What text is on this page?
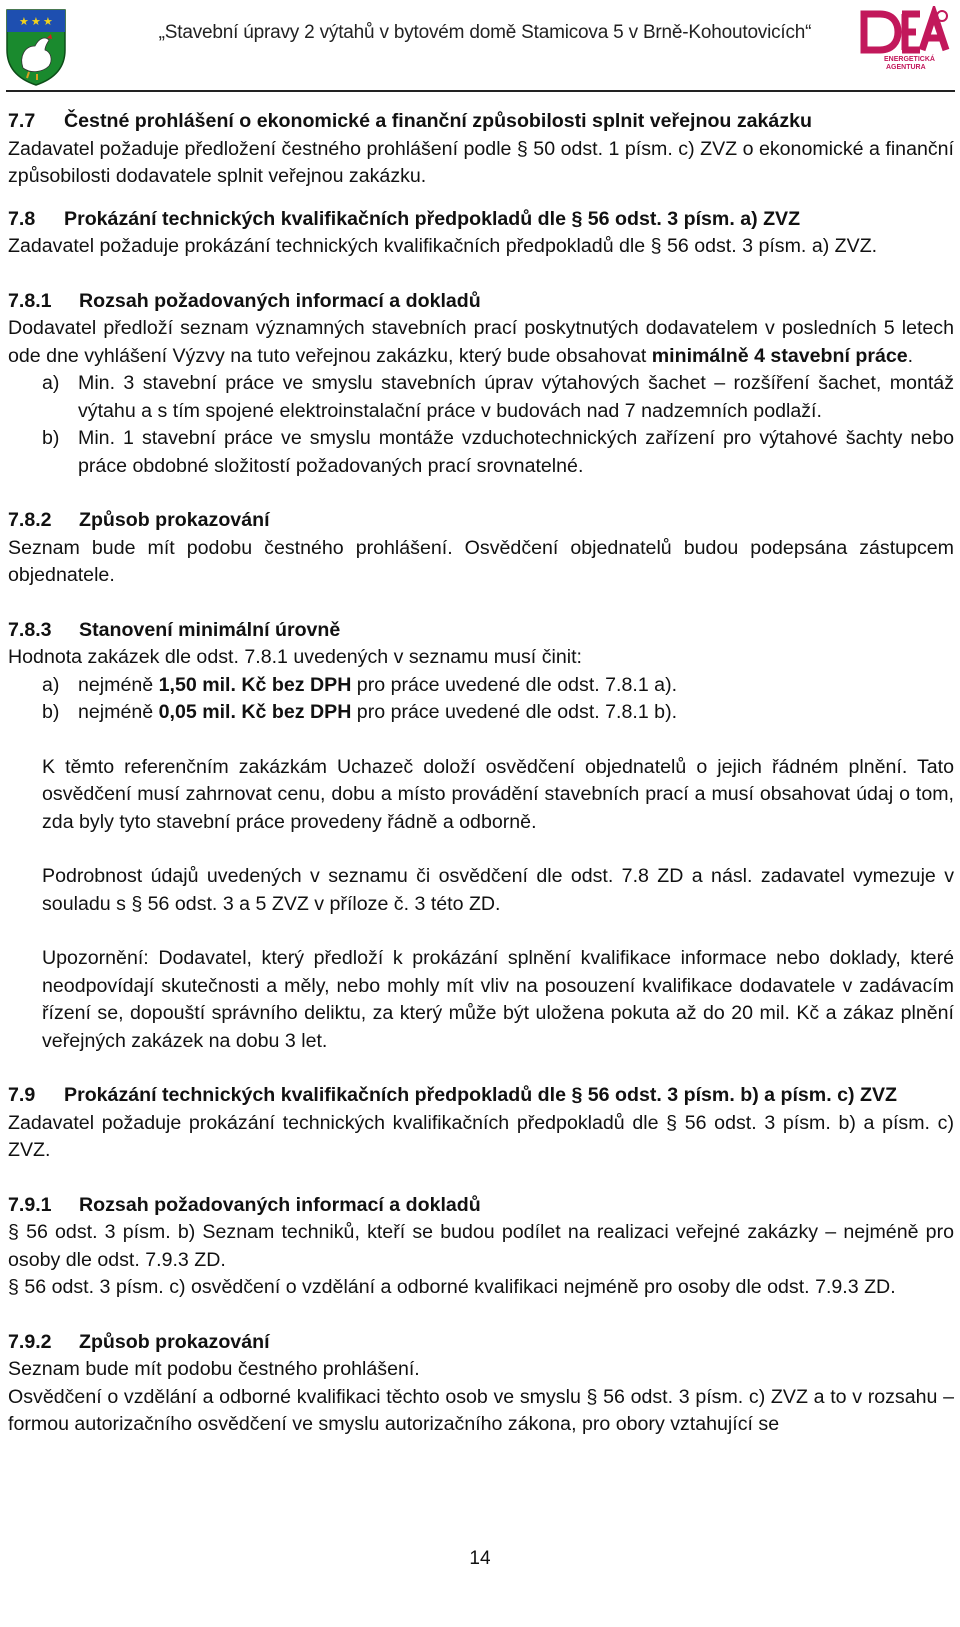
★ ★ ★
„Stavební úpravy 2 výtahů v bytovém domě Stamicova 5 v Brně-Kohoutovicích“
ENERGETICKÁ
AGENTURA

7.7 Čestné prohlášení o ekonomické a finanční způsobilosti splnit veřejnou zakázku

Zadavatel požaduje předložení čestného prohlášení podle § 50 odst. 1 písm. c) ZVZ o ekonomické a finanční způsobilosti dodavatele splnit veřejnou zakázku.

7.8 Prokázání technických kvalifikačních předpokladů dle § 56 odst. 3 písm. a) ZVZ

Zadavatel požaduje prokázání technických kvalifikačních předpokladů dle § 56 odst. 3 písm. a) ZVZ.

7.8.1 Rozsah požadovaných informací a dokladů

Dodavatel předloží seznam významných stavebních prací poskytnutých dodavatelem v posledních 5 letech ode dne vyhlášení Výzvy na tuto veřejnou zakázku, který bude obsahovat minimálně 4 stavební práce.

a) Min. 3 stavební práce ve smyslu stavebních úprav výtahových šachet – rozšíření šachet, montáž výtahu a s tím spojené elektroinstalační práce v budovách nad 7 nadzemních podlaží.
b) Min. 1 stavební práce ve smyslu montáže vzduchotechnických zařízení pro výtahové šachty nebo práce obdobné složitostí požadovaných prací srovnatelné.

7.8.2 Způsob prokazování

Seznam bude mít podobu čestného prohlášení. Osvědčení objednatelů budou podepsána zástupcem objednatele.

7.8.3 Stanovení minimální úrovně

Hodnota zakázek dle odst. 7.8.1 uvedených v seznamu musí činit:

a) nejméně 1,50 mil. Kč bez DPH pro práce uvedené dle odst. 7.8.1 a).
b) nejméně 0,05 mil. Kč bez DPH pro práce uvedené dle odst. 7.8.1 b).

K těmto referenčním zakázkám Uchazeč doloží osvědčení objednatelů o jejich řádném plnění. Tato osvědčení musí zahrnovat cenu, dobu a místo provádění stavebních prací a musí obsahovat údaj o tom, zda byly tyto stavební práce provedeny řádně a odborně.

Podrobnost údajů uvedených v seznamu či osvědčení dle odst. 7.8 ZD a násl. zadavatel vymezuje v souladu s § 56 odst. 3 a 5 ZVZ v příloze č. 3 této ZD.

Upozornění: Dodavatel, který předloží k prokázání splnění kvalifikace informace nebo doklady, které neodpovídají skutečnosti a měly, nebo mohly mít vliv na posouzení kvalifikace dodavatele v zadávacím řízení se, dopouští správního deliktu, za který může být uložena pokuta až do 20 mil. Kč a zákaz plnění veřejných zakázek na dobu 3 let.

7.9 Prokázání technických kvalifikačních předpokladů dle § 56 odst. 3 písm. b) a písm. c) ZVZ

Zadavatel požaduje prokázání technických kvalifikačních předpokladů dle § 56 odst. 3 písm. b) a písm. c) ZVZ.

7.9.1 Rozsah požadovaných informací a dokladů

§ 56 odst. 3 písm. b) Seznam techniků, kteří se budou podílet na realizaci veřejné zakázky – nejméně pro osoby dle odst. 7.9.3 ZD.

§ 56 odst. 3 písm. c) osvědčení o vzdělání a odborné kvalifikaci nejméně pro osoby dle odst. 7.9.3 ZD.

7.9.2 Způsob prokazování

Seznam bude mít podobu čestného prohlášení.

Osvědčení o vzdělání a odborné kvalifikaci těchto osob ve smyslu § 56 odst. 3 písm. c) ZVZ a to v rozsahu – formou autorizačního osvědčení ve smyslu autorizačního zákona, pro obory vztahující se

14
